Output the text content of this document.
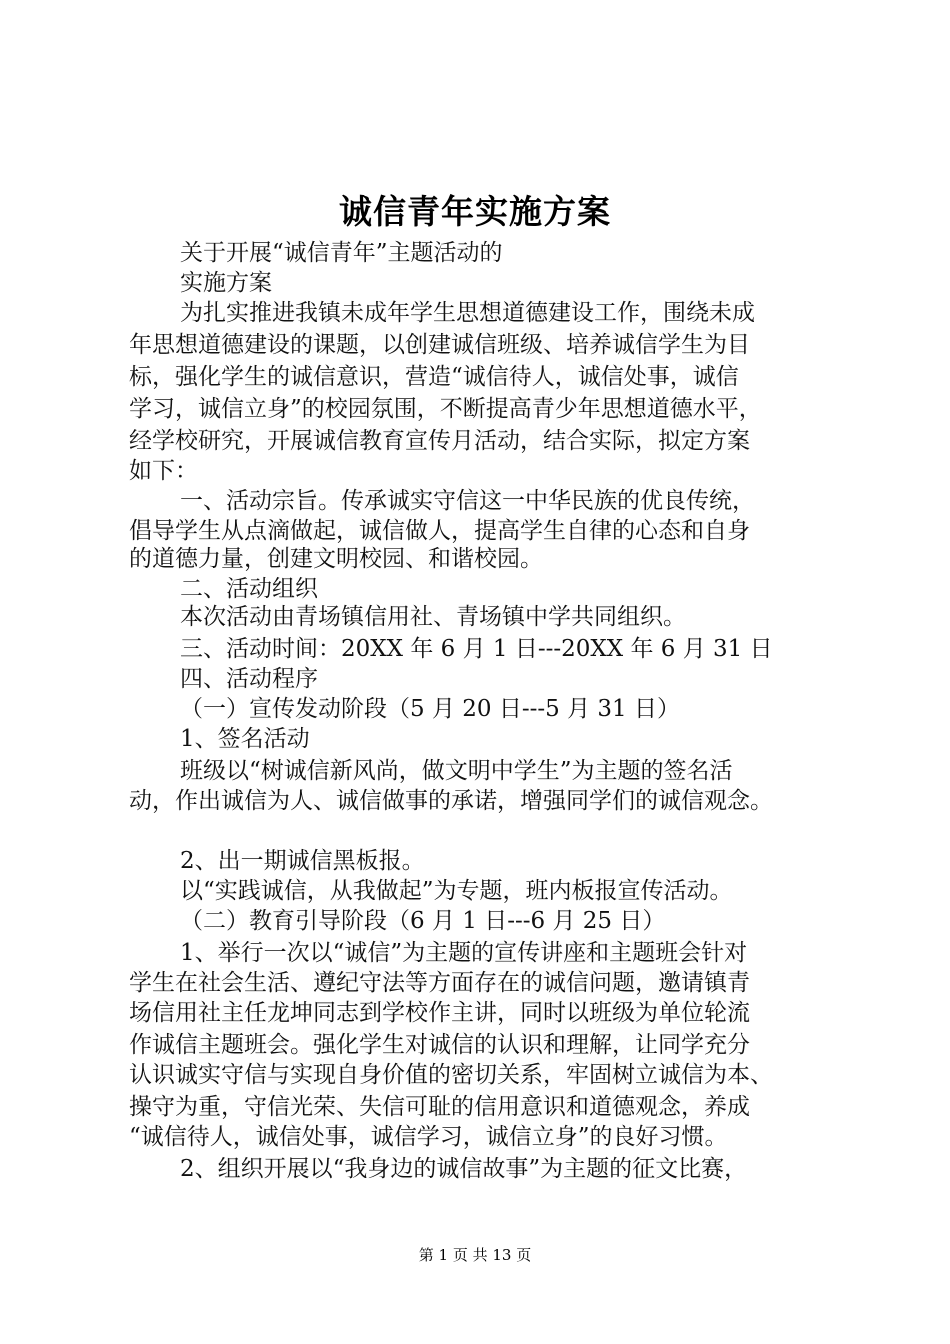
诚信青年实施方案
关于开展“诚信青年”主题活动的
实施方案
为扎实推进我镇未成年学生思想道德建设工作，围绕未成
年思想道德建设的课题，以创建诚信班级、培养诚信学生为目
标，强化学生的诚信意识，营造“诚信待人，诚信处事，诚信
学习，诚信立身”的校园氛围，不断提高青少年思想道德水平，
经学校研究，开展诚信教育宣传月活动，结合实际，拟定方案
如下：
一、活动宗旨。传承诚实守信这一中华民族的优良传统，
倡导学生从点滴做起，诚信做人，提高学生自律的心态和自身
的道德力量，创建文明校园、和谐校园。
二、活动组织
本次活动由青场镇信用社、青场镇中学共同组织。
三、活动时间：20XX 年 6 月 1 日---20XX 年 6 月 31 日
四、活动程序
（一）宣传发动阶段（5 月 20 日---5 月 31 日）
1、签名活动
班级以“树诚信新风尚，做文明中学生”为主题的签名活
动，作出诚信为人、诚信做事的承诺，增强同学们的诚信观念。
2、出一期诚信黑板报。
以“实践诚信，从我做起”为专题，班内板报宣传活动。
（二）教育引导阶段（6 月 1 日---6 月 25 日）
1、举行一次以“诚信”为主题的宣传讲座和主题班会针对
学生在社会生活、遵纪守法等方面存在的诚信问题，邀请镇青
场信用社主任龙坤同志到学校作主讲，同时以班级为单位轮流
作诚信主题班会。强化学生对诚信的认识和理解，让同学充分
认识诚实守信与实现自身价值的密切关系，牢固树立诚信为本、
操守为重，守信光荣、失信可耻的信用意识和道德观念，养成
“诚信待人，诚信处事，诚信学习，诚信立身”的良好习惯。
2、组织开展以“我身边的诚信故事”为主题的征文比赛，
第 1 页 共 13 页
